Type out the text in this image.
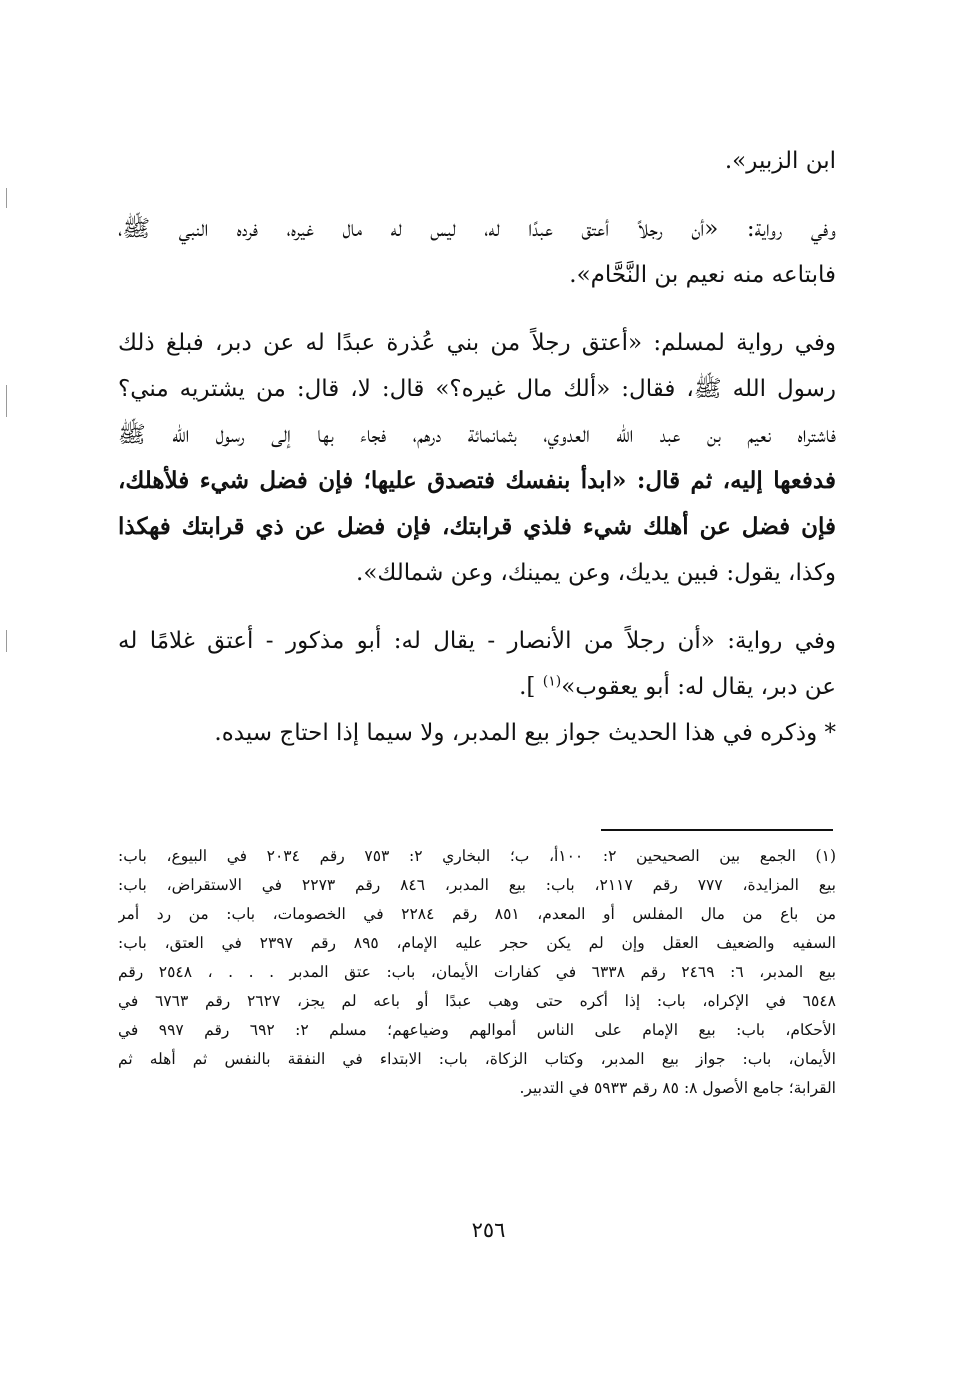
ابن الزبير».
وفي رواية: «أن رجلاً أعتق عبدًا له، ليس له مال غيره، فرده النبي ﷺ،
فابتاعه منه نعيم بن النَّحَّام».
وفي رواية لمسلم: «أعتق رجلاً من بني عُذرة عبدًا له عن دبر، فبلغ ذلك
رسول الله ﷺ، فقال: «ألك مال غيره؟» قال: لا، قال: من يشتريه مني؟
فاشتراه نعيم بن عبد الله العدوي، بثمانمائة درهم، فجاء بها إلى رسول الله ﷺ
فدفعها إليه، ثم قال: «ابدأ بنفسك فتصدق عليها؛ فإن فضل شيء فلأهلك،
فإن فضل عن أهلك شيء فلذي قرابتك، فإن فضل عن ذي قرابتك فهكذا
وكذا، يقول: فبين يديك، وعن يمينك، وعن شمالك».
وفي رواية: «أن رجلاً من الأنصار - يقال له: أبو مذكور - أعتق غلامًا له
عن دبر، يقال له: أبو يعقوب»$^{(١)}$ ].
* وذكره في هذا الحديث جواز بيع المدبر، ولا سيما إذا احتاج سيده.
(١) الجمع بين الصحيحين ٢: ١٠٠أ، ب؛ البخاري ٢: ٧٥٣ رقم ٢٠٣٤ في البيوع، باب:
بيع المزايدة، ٧٧٧ رقم ٢١١٧، باب: بيع المدبر، ٨٤٦ رقم ٢٢٧٣ في الاستقراض، باب:
من باع من مال المفلس أو المعدم، ٨٥١ رقم ٢٢٨٤ في الخصومات، باب: من رد أمر
السفيه والضعيف العقل وإن لم يكن حجر عليه الإمام، ٨٩٥ رقم ٢٣٩٧ في العتق، باب:
بيع المدبر، ٦: ٢٤٦٩ رقم ٦٣٣٨ في كفارات الأيمان، باب: عتق المدبر . . . ، ٢٥٤٨ رقم
٦٥٤٨ في الإكراه، باب: إذا أكره حتى وهب عبدًا أو باعه لم يجز، ٢٦٢٧ رقم ٦٧٦٣ في
الأحكام، باب: بيع الإمام على الناس أموالهم وضياعهم؛ مسلم ٢: ٦٩٢ رقم ٩٩٧ في
الأيمان، باب: جواز بيع المدبر، وكتاب الزكاة، باب: الابتداء في النفقة بالنفس ثم أهله ثم
القرابة؛ جامع الأصول ٨: ٨٥ رقم ٥٩٣٣ في التدبير.
٢٥٦
